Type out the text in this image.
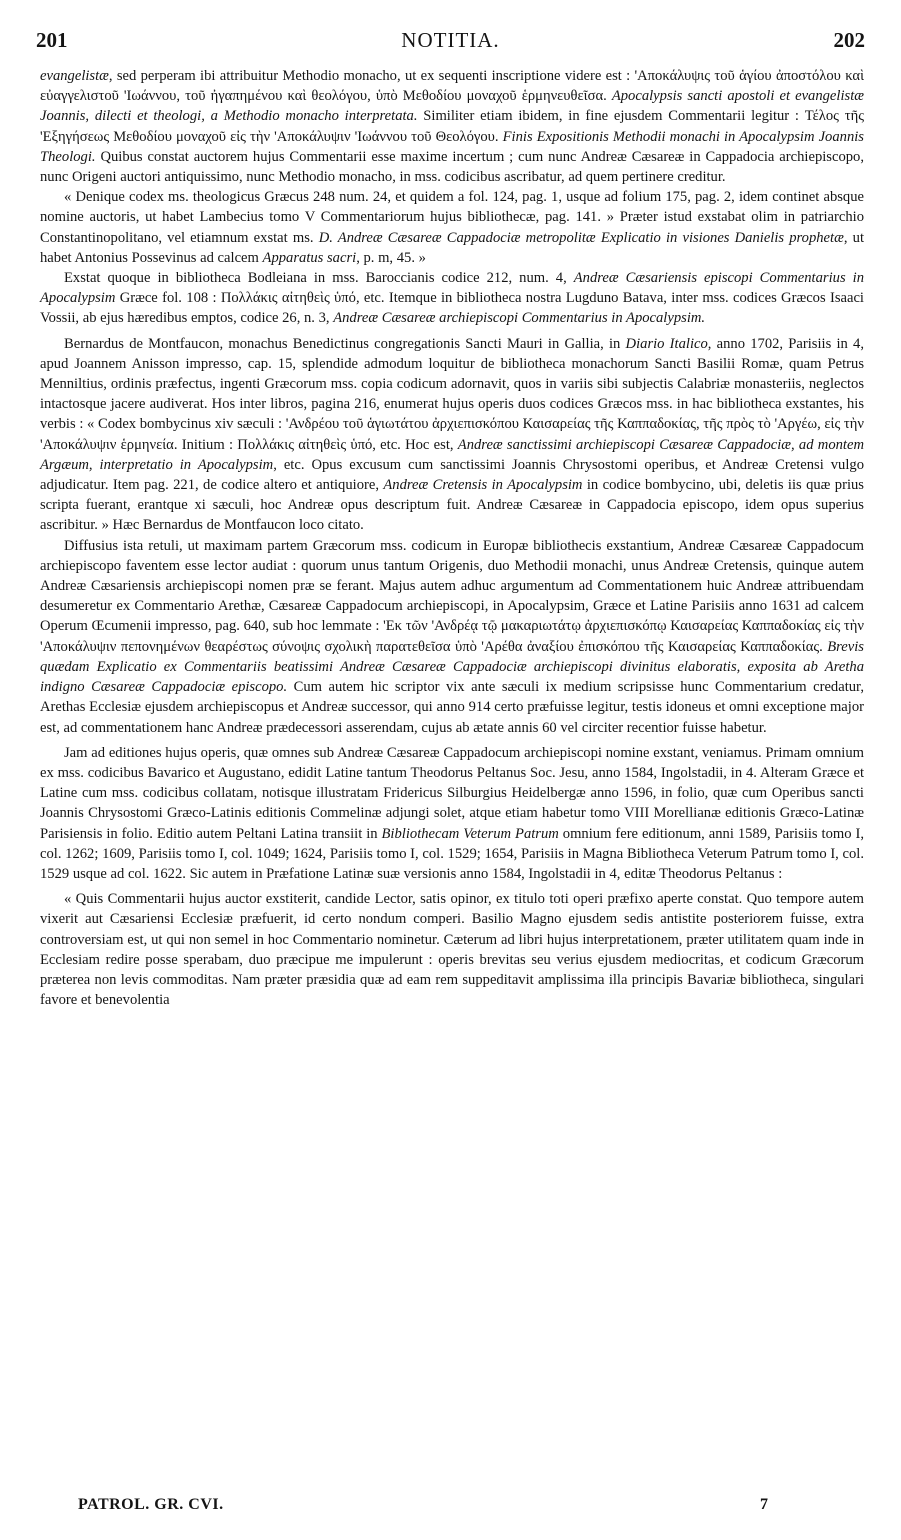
201	NOTITIA.	202

evangelistæ, sed perperam ibi attribuitur Methodio monacho, ut ex sequenti inscriptione videre est : 'Αποκάλυψις τοῦ ἁγίου ἀποστόλου καὶ εὐαγγελιστοῦ 'Ιωάννου, τοῦ ἠγαπημένου καὶ θεολόγου, ὑπὸ Μεθοδίου μοναχοῦ ἑρμηνευθεῖσα. Apocalypsis sancti apostoli et evangelistæ Joannis, dilecti et theologi, a Methodio monacho interpretata. Similiter etiam ibidem, in fine ejusdem Commentarii legitur : Τέλος τῆς 'Εξηγήσεως Μεθοδίου μοναχοῦ εἰς τὴν 'Αποκάλυψιν 'Ιωάννου τοῦ Θεολόγου. Finis Expositionis Methodii monachi in Apocalypsim Joannis Theologi. Quibus constat auctorem hujus Commentarii esse maxime incertum ; cum nunc Andreæ Cæsareæ in Cappadocia archiepiscopo, nunc Origeni auctori antiquissimo, nunc Methodio monacho, in mss. codicibus ascribatur, ad quem pertinere creditur.

« Denique codex ms. theologicus Græcus 248 num. 24, et quidem a fol. 124, pag. 1, usque ad folium 175, pag. 2, idem continet absque nomine auctoris, ut habet Lambecius tomo V Commentariorum hujus bibliothecæ, pag. 141. » Præter istud exstabat olim in patriarchio Constantinopolitano, vel etiamnum exstat ms. D. Andreæ Cæsareæ Cappadociæ metropolitæ Explicatio in visiones Danielis prophetæ, ut habet Antonius Possevinus ad calcem Apparatus sacri, p. m, 45. »

Exstat quoque in bibliotheca Bodleiana in mss. Baroccianis codice 212, num. 4, Andreæ Cæsariensis episcopi Commentarius in Apocalypsim Græce fol. 108 : Πολλάκις αἰτηθεὶς ὑπό, etc. Itemque in bibliotheca nostra Lugduno Batava, inter mss. codices Græcos Isaaci Vossii, ab ejus hæredibus emptos, codice 26, n. 3, Andreæ Cæsareæ archiepiscopi Commentarius in Apocalypsim.

Bernardus de Montfaucon, monachus Benedictinus congregationis Sancti Mauri in Gallia, in Diario Italico, anno 1702, Parisiis in 4, apud Joannem Anisson impresso, cap. 15, splendide admodum loquitur de bibliotheca monachorum Sancti Basilii Romæ, quam Petrus Menniltius, ordinis præfectus, ingenti Græcorum mss. copia codicum adornavit, quos in variis sibi subjectis Calabriæ monasteriis, neglectos intactosque jacere audiverat. Hos inter libros, pagina 216, enumerat hujus operis duos codices Græcos mss. in hac bibliotheca exstantes, his verbis : « Codex bombycinus xiv sæculi : 'Ανδρέου τοῦ ἁγιωτάτου ἀρχιεπισκόπου Καισαρείας τῆς Καππαδοκίας, τῆς πρὸς τὸ 'Αργέω, εἰς τὴν 'Αποκάλυψιν ἑρμηνεία. Initium : Πολλάκις αἰτηθεὶς ὑπό, etc. Hoc est, Andreæ sanctissimi archiepiscopi Cæsareæ Cappadociæ, ad montem Argæum, interpretatio in Apocalypsim, etc. Opus excusum cum sanctissimi Joannis Chrysostomi operibus, et Andreæ Cretensi vulgo adjudicatur. Item pag. 221, de codice altero et antiquiore, Andreæ Cretensis in Apocalypsim in codice bombycino, ubi, deletis iis quæ prius scripta fuerant, erantque xi sæculi, hoc Andreæ opus descriptum fuit. Andreæ Cæsareæ in Cappadocia episcopo, idem opus superius ascribitur. » Hæc Bernardus de Montfaucon loco citato.

Diffusius ista retuli, ut maximam partem Græcorum mss. codicum in Europæ bibliothecis exstantium, Andreæ Cæsareæ Cappadocum archiepiscopo faventem esse lector audiat : quorum unus tantum Origenis, duo Methodii monachi, unus Andreæ Cretensis, quinque autem Andreæ Cæsariensis archiepiscopi nomen præ se ferant. Majus autem adhuc argumentum ad Commentationem huic Andreæ attribuendam desumeretur ex Commentario Arethæ, Cæsareæ Cappadocum archiepiscopi, in Apocalypsim, Græce et Latine Parisiis anno 1631 ad calcem Operum Œcumenii impresso, pag. 640, sub hoc lemmate : 'Εκ τῶν 'Ανδρέᾳ τῷ μακαριωτάτῳ ἀρχιεπισκόπῳ Καισαρείας Καππαδοκίας εἰς τὴν 'Αποκάλυψιν πεπονημένων θεαρέστως σύνοψις σχολικὴ παρατεθεῖσα ὑπὸ 'Αρέθα ἀναξίου ἐπισκόπου τῆς Καισαρείας Καππαδοκίας. Brevis quædam Explicatio ex Commentariis beatissimi Andreæ Cæsareæ Cappadociæ archiepiscopi divinitus elaboratis, exposita ab Aretha indigno Cæsareæ Cappadociæ episcopo. Cum autem hic scriptor vix ante sæculi ix medium scripsisse hunc Commentarium credatur, Arethas Ecclesiæ ejusdem archiepiscopus et Andreæ successor, qui anno 914 certo præfuisse legitur, testis idoneus et omni exceptione major est, ad commentationem hanc Andreæ prædecessori asserendam, cujus ab ætate annis 60 vel circiter recentior fuisse habetur.

Jam ad editiones hujus operis, quæ omnes sub Andreæ Cæsareæ Cappadocum archiepiscopi nomine exstant, veniamus. Primam omnium ex mss. codicibus Bavarico et Augustano, edidit Latine tantum Theodorus Peltanus Soc. Jesu, anno 1584, Ingolstadii, in 4. Alteram Græce et Latine cum mss. codicibus collatam, notisque illustratam Fridericus Silburgius Heidelbergæ anno 1596, in folio, quæ cum Operibus sancti Joannis Chrysostomi Græco-Latinis editionis Commelinæ adjungi solet, atque etiam habetur tomo VIII Morellianæ editionis Græco-Latinæ Parisiensis in folio. Editio autem Peltani Latina transiit in Bibliothecam Veterum Patrum omnium fere editionum, anni 1589, Parisiis tomo I, col. 1262; 1609, Parisiis tomo I, col. 1049; 1624, Parisiis tomo I, col. 1529; 1654, Parisiis in Magna Bibliotheca Veterum Patrum tomo I, col. 1529 usque ad col. 1622. Sic autem in Præfatione Latinæ suæ versionis anno 1584, Ingolstadii in 4, editæ Theodorus Peltanus :

« Quis Commentarii hujus auctor exstiterit, candide Lector, satis opinor, ex titulo toti operi præfixo aperte constat. Quo tempore autem vixerit aut Cæsariensi Ecclesiæ præfuerit, id certo nondum comperi. Basilio Magno ejusdem sedis antistite posteriorem fuisse, extra controversiam est, ut qui non semel in hoc Commentario nominetur. Cæterum ad libri hujus interpretationem, præter utilitatem quam inde in Ecclesiam redire posse sperabam, duo præcipue me impulerunt : operis brevitas seu verius ejusdem mediocritas, et codicum Græcorum præterea non levis commoditas. Nam præter præsidia quæ ad eam rem suppeditavit amplissima illa principis Bavariæ bibliotheca, singulari favore et benevolentia

PATROL. GR. CVI.	7
